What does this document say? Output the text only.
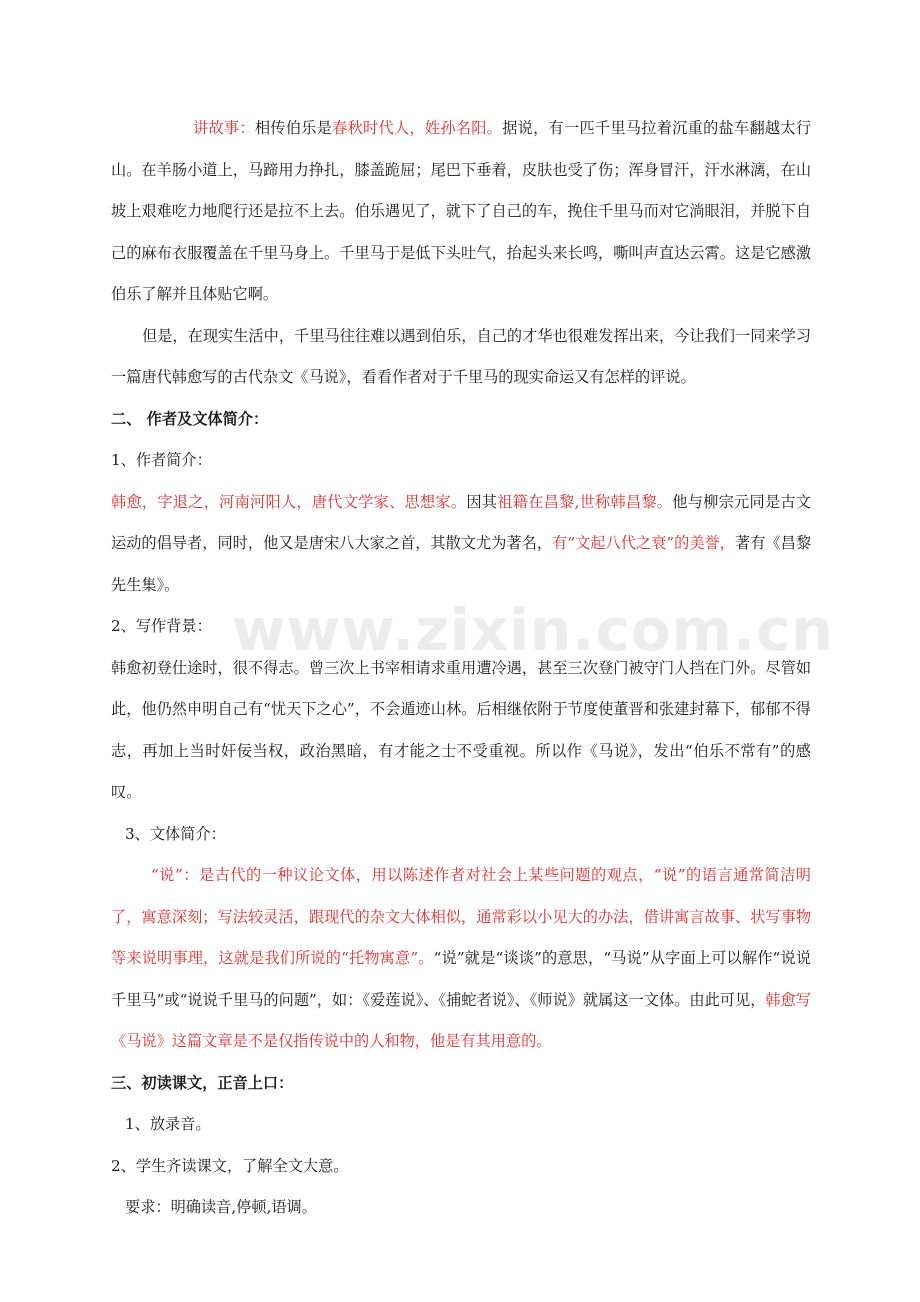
www.zixin.com.cn

讲故事：相传伯乐是春秋时代人，姓孙名阳。据说，有一匹千里马拉着沉重的盐车翻越太行山。在羊肠小道上，马蹄用力挣扎，膝盖跪屈；尾巴下垂着，皮肤也受了伤；浑身冒汗，汗水淋漓，在山坡上艰难吃力地爬行还是拉不上去。伯乐遇见了，就下了自己的车，挽住千里马而对它淌眼泪，并脱下自己的麻布衣服覆盖在千里马身上。千里马于是低下头吐气，抬起头来长鸣，嘶叫声直达云霄。这是它感激伯乐了解并且体贴它啊。

但是，在现实生活中，千里马往往难以遇到伯乐，自己的才华也很难发挥出来，今让我们一同来学习一篇唐代韩愈写的古代杂文《马说》，看看作者对于千里马的现实命运又有怎样的评说。

二、 作者及文体简介：

1、作者简介：

韩愈，字退之，河南河阳人，唐代文学家、思想家。因其祖籍在昌黎,世称韩昌黎。他与柳宗元同是古文运动的倡导者，同时，他又是唐宋八大家之首，其散文尤为著名，有“文起八代之衰”的美誉，著有《昌黎先生集》。

2、写作背景：

韩愈初登仕途时，很不得志。曾三次上书宰相请求重用遭冷遇，甚至三次登门被守门人挡在门外。尽管如此，他仍然申明自己有“忧天下之心”，不会遁迹山林。后相继依附于节度使董晋和张建封幕下，郁郁不得志，再加上当时奸佞当权，政治黑暗，有才能之士不受重视。所以作《马说》，发出“伯乐不常有”的感叹。

3、文体简介：

“说”：是古代的一种议论文体，用以陈述作者对社会上某些问题的观点，“说”的语言通常简洁明了，寓意深刻；写法较灵活，跟现代的杂文大体相似，通常彩以小见大的办法，借讲寓言故事、状写事物等来说明事理，这就是我们所说的“托物寓意”。“说”就是“谈谈”的意思，“马说”从字面上可以解作“说说千里马”或“说说千里马的问题”，如：《爱莲说》、《捕蛇者说》、《师说》就属这一文体。由此可见，韩愈写《马说》这篇文章是不是仅指传说中的人和物，他是有其用意的。

三、初读课文，正音上口：

1、放录音。

2、学生齐读课文，了解全文大意。

要求：明确读音,停顿,语调。
